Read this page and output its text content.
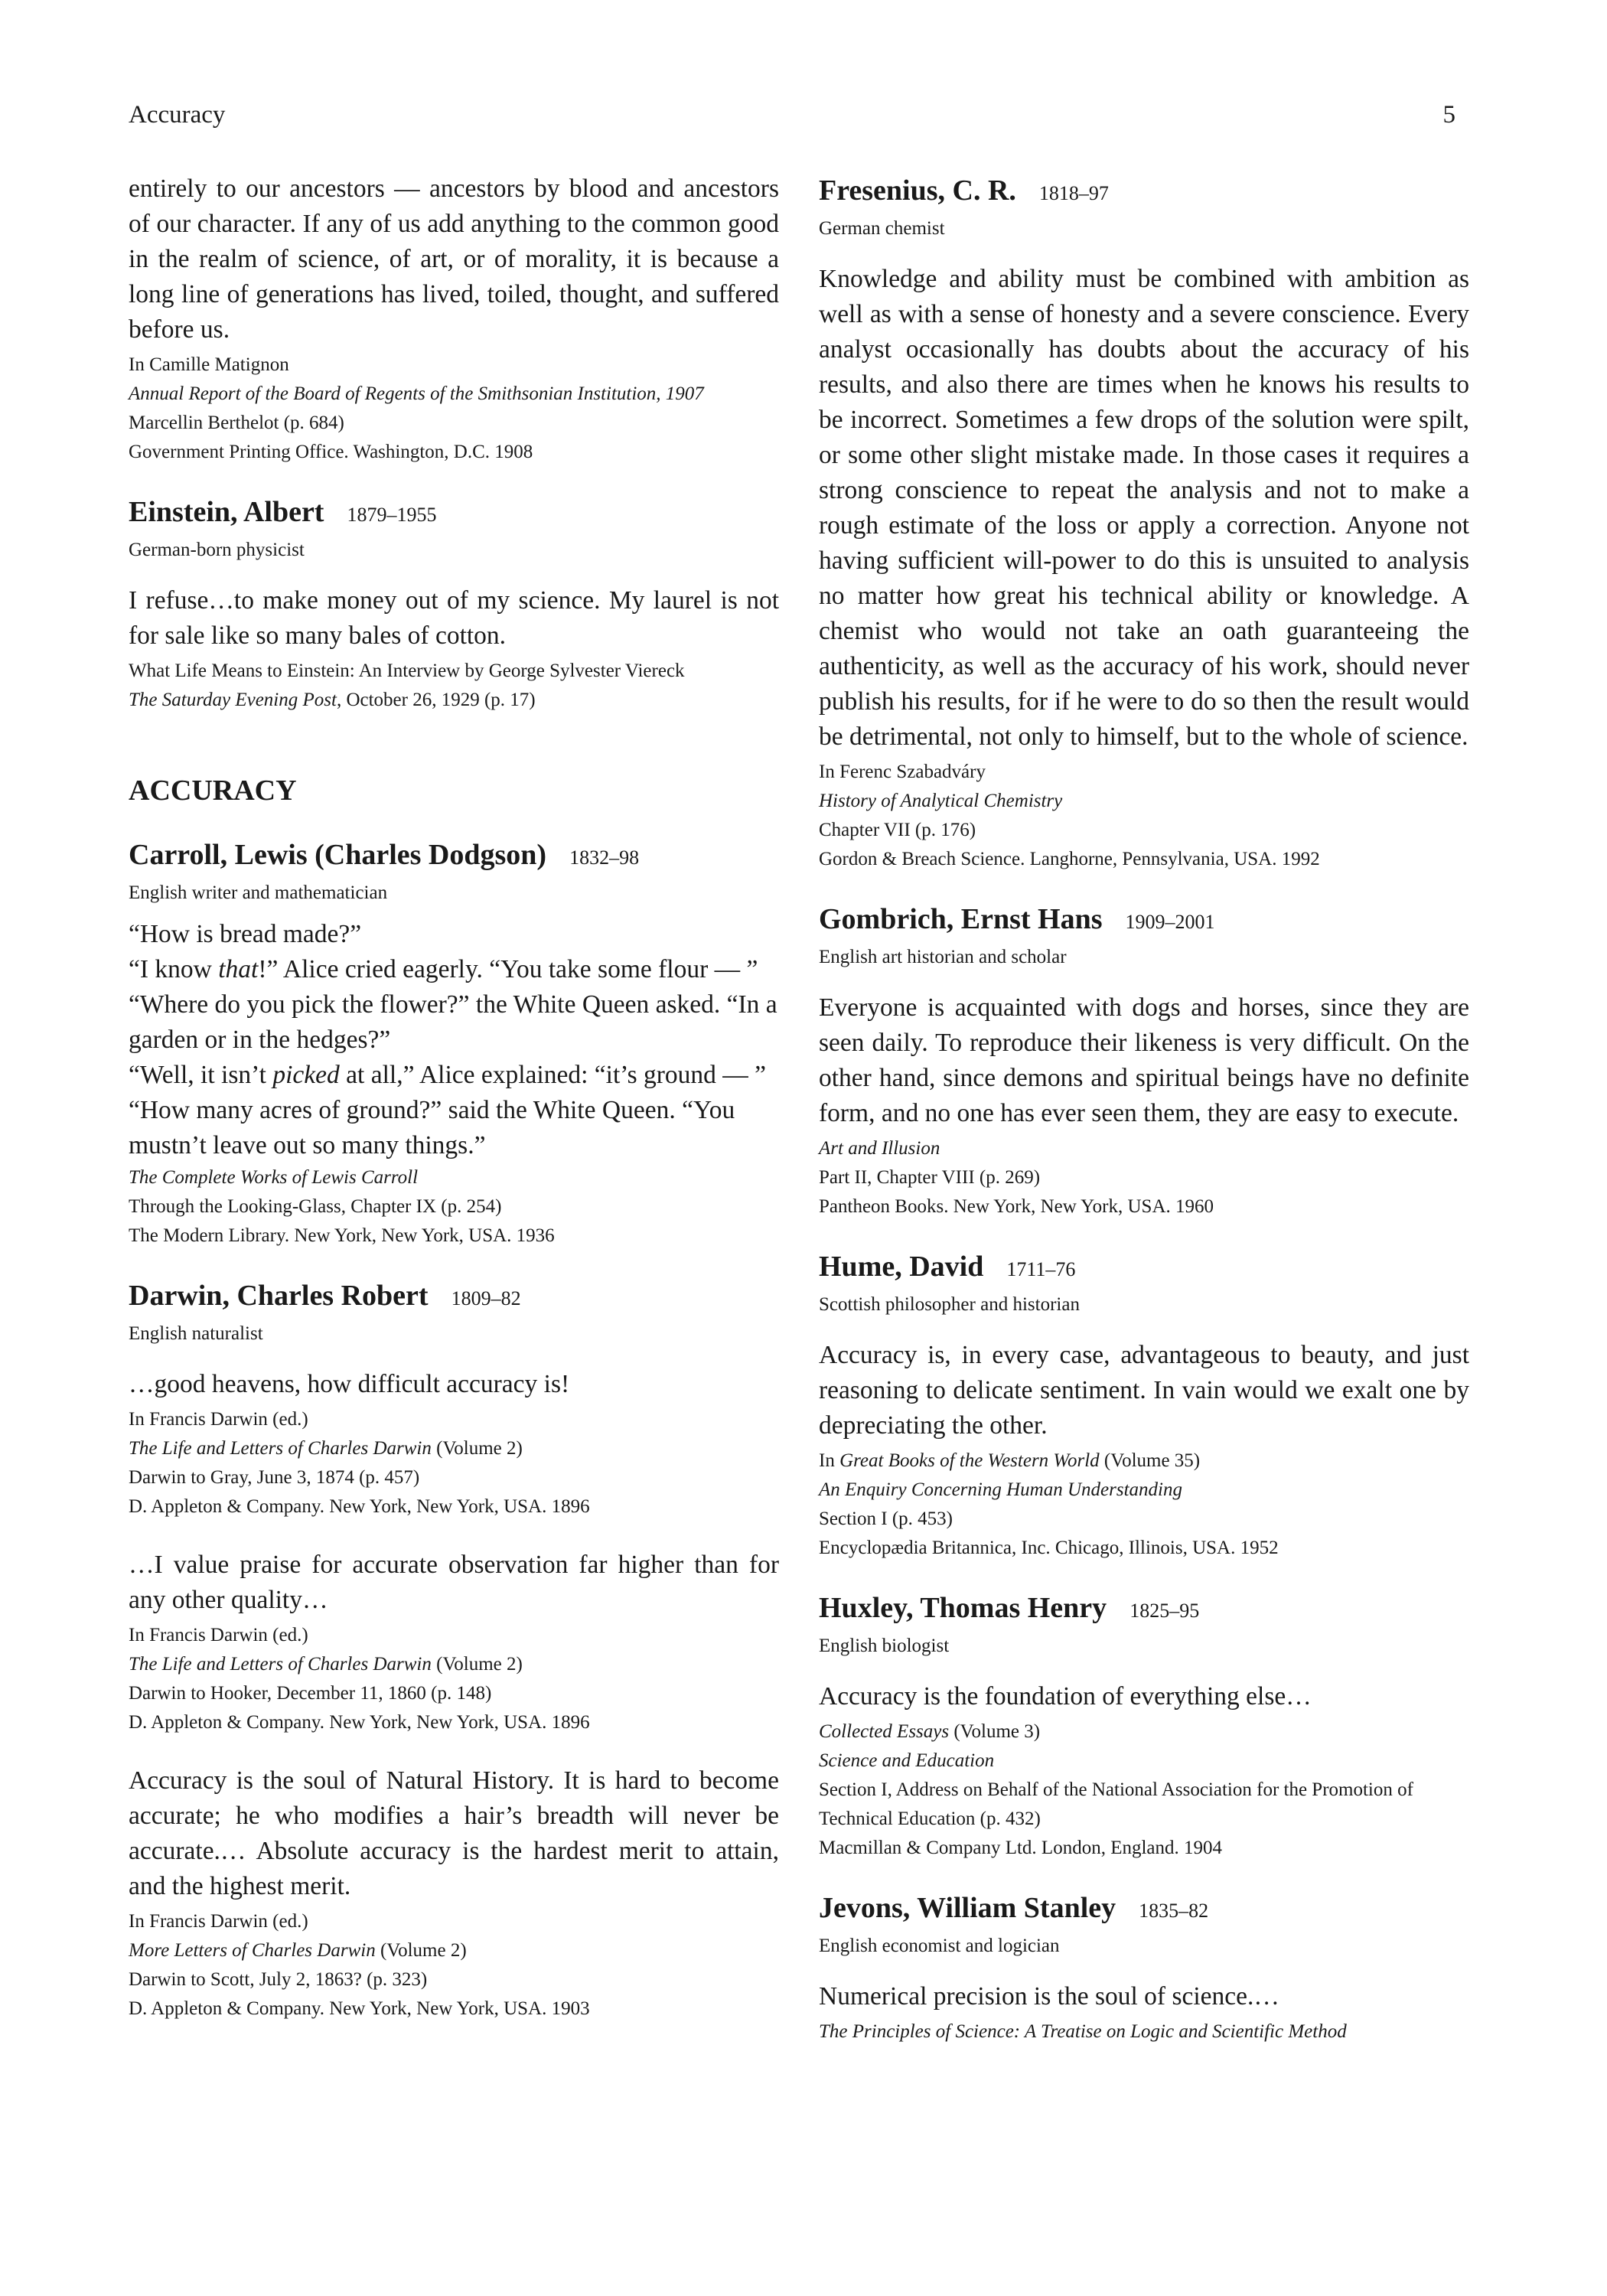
Accuracy	5
entirely to our ancestors — ancestors by blood and ancestors of our character. If any of us add anything to the common good in the realm of science, of art, or of morality, it is because a long line of generations has lived, toiled, thought, and suffered before us.
In Camille Matignon
Annual Report of the Board of Regents of the Smithsonian Institution, 1907
Marcellin Berthelot (p. 684)
Government Printing Office. Washington, D.C. 1908
Einstein, Albert 1879–1955
German-born physicist
I refuse…to make money out of my science. My laurel is not for sale like so many bales of cotton.
What Life Means to Einstein: An Interview by George Sylvester Viereck
The Saturday Evening Post, October 26, 1929 (p. 17)
ACCURACY
Carroll, Lewis (Charles Dodgson) 1832–98
English writer and mathematician
“How is bread made?”
“I know that!” Alice cried eagerly. “You take some flour — ”
“Where do you pick the flower?” the White Queen asked. “In a garden or in the hedges?”
“Well, it isn’t picked at all,” Alice explained: “it’s ground — ”
“How many acres of ground?” said the White Queen. “You mustn’t leave out so many things.”
The Complete Works of Lewis Carroll
Through the Looking-Glass, Chapter IX (p. 254)
The Modern Library. New York, New York, USA. 1936
Darwin, Charles Robert 1809–82
English naturalist
…good heavens, how difficult accuracy is!
In Francis Darwin (ed.)
The Life and Letters of Charles Darwin (Volume 2)
Darwin to Gray, June 3, 1874 (p. 457)
D. Appleton & Company. New York, New York, USA. 1896
…I value praise for accurate observation far higher than for any other quality…
In Francis Darwin (ed.)
The Life and Letters of Charles Darwin (Volume 2)
Darwin to Hooker, December 11, 1860 (p. 148)
D. Appleton & Company. New York, New York, USA. 1896
Accuracy is the soul of Natural History. It is hard to become accurate; he who modifies a hair’s breadth will never be accurate.… Absolute accuracy is the hardest merit to attain, and the highest merit.
In Francis Darwin (ed.)
More Letters of Charles Darwin (Volume 2)
Darwin to Scott, July 2, 1863? (p. 323)
D. Appleton & Company. New York, New York, USA. 1903
Fresenius, C. R. 1818–97
German chemist
Knowledge and ability must be combined with ambition as well as with a sense of honesty and a severe conscience. Every analyst occasionally has doubts about the accuracy of his results, and also there are times when he knows his results to be incorrect. Sometimes a few drops of the solution were spilt, or some other slight mistake made. In those cases it requires a strong conscience to repeat the analysis and not to make a rough estimate of the loss or apply a correction. Anyone not having sufficient will-power to do this is unsuited to analysis no matter how great his technical ability or knowledge. A chemist who would not take an oath guaranteeing the authenticity, as well as the accuracy of his work, should never publish his results, for if he were to do so then the result would be detrimental, not only to himself, but to the whole of science.
In Ferenc Szabadváry
History of Analytical Chemistry
Chapter VII (p. 176)
Gordon & Breach Science. Langhorne, Pennsylvania, USA. 1992
Gombrich, Ernst Hans 1909–2001
English art historian and scholar
Everyone is acquainted with dogs and horses, since they are seen daily. To reproduce their likeness is very difficult. On the other hand, since demons and spiritual beings have no definite form, and no one has ever seen them, they are easy to execute.
Art and Illusion
Part II, Chapter VIII (p. 269)
Pantheon Books. New York, New York, USA. 1960
Hume, David 1711–76
Scottish philosopher and historian
Accuracy is, in every case, advantageous to beauty, and just reasoning to delicate sentiment. In vain would we exalt one by depreciating the other.
In Great Books of the Western World (Volume 35)
An Enquiry Concerning Human Understanding
Section I (p. 453)
Encyclopædia Britannica, Inc. Chicago, Illinois, USA. 1952
Huxley, Thomas Henry 1825–95
English biologist
Accuracy is the foundation of everything else…
Collected Essays (Volume 3)
Science and Education
Section I, Address on Behalf of the National Association for the Promotion of Technical Education (p. 432)
Macmillan & Company Ltd. London, England. 1904
Jevons, William Stanley 1835–82
English economist and logician
Numerical precision is the soul of science.…
The Principles of Science: A Treatise on Logic and Scientific Method
